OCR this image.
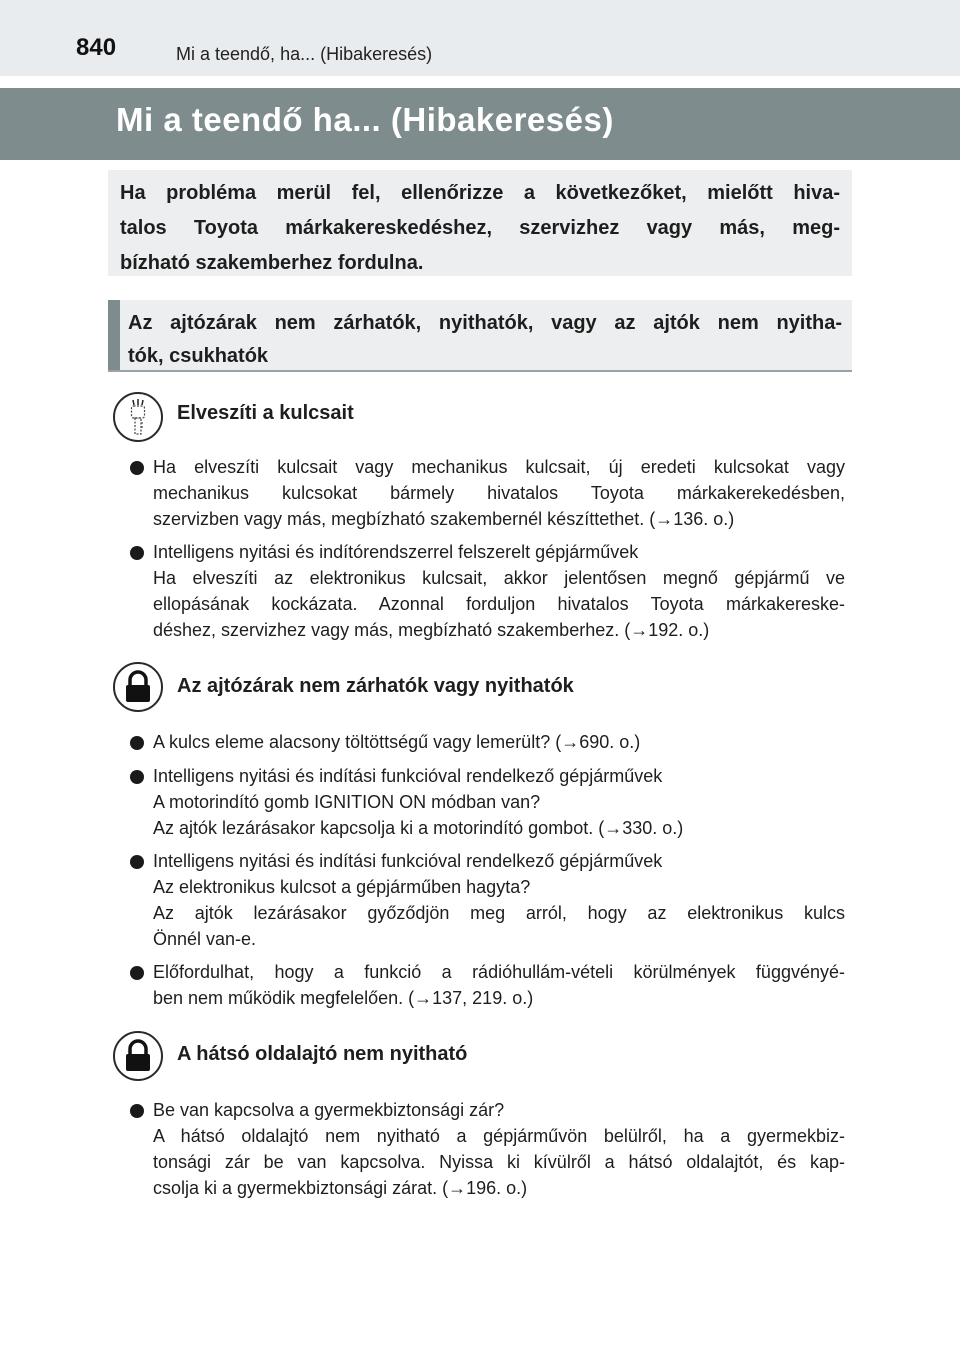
840	Mi a teendő, ha... (Hibakeresés)
Mi a teendő ha... (Hibakeresés)
Ha probléma merül fel, ellenőrizze a következőket, mielőtt hiva-
talos Toyota márkakereskedéshez, szervizhez vagy más, meg-
bízható szakemberhez fordulna.
Az ajtózárak nem zárhatók, nyithatók, vagy az ajtók nem nyitha-
tók, csukhatók
Elveszíti a kulcsait
Ha elveszíti kulcsait vagy mechanikus kulcsait, új eredeti kulcsokat vagy
mechanikus kulcsokat bármely hivatalos Toyota márkakerekedésben,
szervizben vagy más, megbízható szakembernél készíttethet. (→136. o.)
Intelligens nyitási és indítórendszerrel felszerelt gépjárművek
Ha elveszíti az elektronikus kulcsait, akkor jelentősen megnő gépjármű ve
ellopásának kockázata. Azonnal forduljon hivatalos Toyota márkakereske-
déshez, szervizhez vagy más, megbízható szakemberhez. (→192. o.)
Az ajtózárak nem zárhatók vagy nyithatók
A kulcs eleme alacsony töltöttségű vagy lemerült? (→690. o.)
Intelligens nyitási és indítási funkcióval rendelkező gépjárművek
A motorindító gomb IGNITION ON módban van?
Az ajtók lezárásakor kapcsolja ki a motorindító gombot. (→330. o.)
Intelligens nyitási és indítási funkcióval rendelkező gépjárművek
Az elektronikus kulcsot a gépjárműben hagyta?
Az ajtók lezárásakor győződjön meg arról, hogy az elektronikus kulcs
Önnél van-e.
Előfordulhat, hogy a funkció a rádióhullám-vételi körülmények függvényé-
ben nem működik megfelelően. (→137, 219. o.)
A hátsó oldalajtó nem nyitható
Be van kapcsolva a gyermekbiztonsági zár?
A hátsó oldalajtó nem nyitható a gépjárművön belülről, ha a gyermekbiz-
tonsági zár be van kapcsolva. Nyissa ki kívülről a hátsó oldalajtót, és kap-
csolja ki a gyermekbiztonsági zárat. (→196. o.)
